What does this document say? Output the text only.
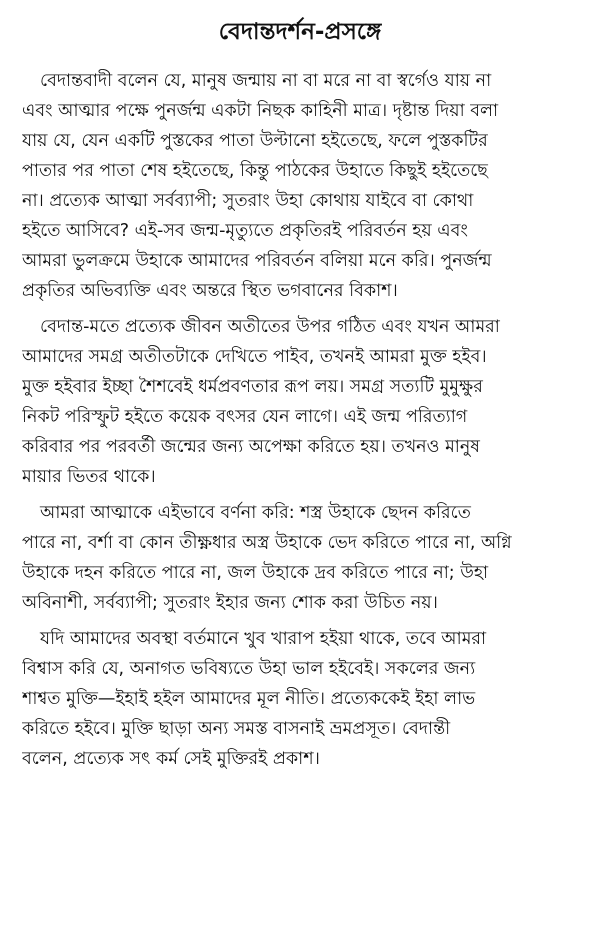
বেদান্তদর্শন-প্রসঙ্গে
বেদান্তবাদী বলেন যে, মানুষ জন্মায় না বা মরে না বা স্বর্গেও যায় না
এবং আত্মার পক্ষে পুনর্জন্ম একটা নিছক কাহিনী মাত্র। দৃষ্টান্ত দিয়া বলা
যায় যে, যেন একটি পুস্তকের পাতা উল্টানো হইতেছে, ফলে পুস্তকটির
পাতার পর পাতা শেষ হইতেছে, কিন্তু পাঠকের উহাতে কিছুই হইতেছে
না। প্রত্যেক আত্মা সর্বব্যাপী; সুতরাং উহা কোথায় যাইবে বা কোথা
হইতে আসিবে? এই-সব জন্ম-মৃত্যুতে প্রকৃতিরই পরিবর্তন হয় এবং
আমরা ভুলক্রমে উহাকে আমাদের পরিবর্তন বলিয়া মনে করি। পুনর্জন্ম
প্রকৃতির অভিব্যক্তি এবং অন্তরে স্থিত ভগবানের বিকাশ।
বেদান্ত-মতে প্রত্যেক জীবন অতীতের উপর গঠিত এবং যখন আমরা
আমাদের সমগ্র অতীতটাকে দেখিতে পাইব, তখনই আমরা মুক্ত হইব।
মুক্ত হইবার ইচ্ছা শৈশবেই ধর্মপ্রবণতার রূপ লয়। সমগ্র সত্যটি মুমুক্ষুর
নিকট পরিস্ফুট হইতে কয়েক বৎসর যেন লাগে। এই জন্ম পরিত্যাগ
করিবার পর পরবর্তী জন্মের জন্য অপেক্ষা করিতে হয়। তখনও মানুষ
মায়ার ভিতর থাকে।
আমরা আত্মাকে এইভাবে বর্ণনা করি: শস্ত্র উহাকে ছেদন করিতে
পারে না, বর্শা বা কোন তীক্ষ্ণধার অস্ত্র উহাকে ভেদ করিতে পারে না, অগ্নি
উহাকে দহন করিতে পারে না, জল উহাকে দ্রব করিতে পারে না; উহা
অবিনাশী, সর্বব্যাপী; সুতরাং ইহার জন্য শোক করা উচিত নয়।
যদি আমাদের অবস্থা বর্তমানে খুব খারাপ হইয়া থাকে, তবে আমরা
বিশ্বাস করি যে, অনাগত ভবিষ্যতে উহা ভাল হইবেই। সকলের জন্য
শাশ্বত মুক্তি—ইহাই হইল আমাদের মূল নীতি। প্রত্যেককেই ইহা লাভ
করিতে হইবে। মুক্তি ছাড়া অন্য সমস্ত বাসনাই ভ্রমপ্রসূত। বেদান্তী
বলেন, প্রত্যেক সৎ কর্ম সেই মুক্তিরই প্রকাশ।
